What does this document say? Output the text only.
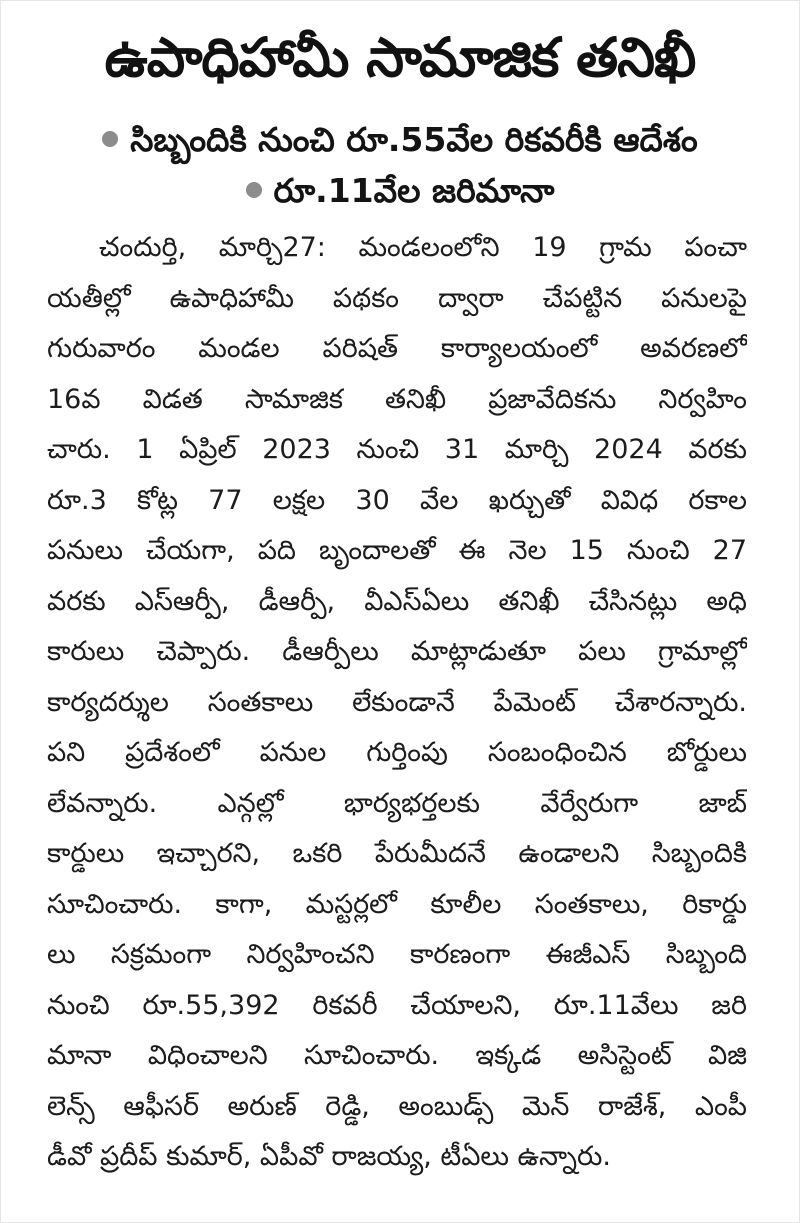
ఉపాధిహామీ సామాజిక తనిఖీ
సిబ్బందికి నుంచి రూ.55వేల రికవరీకి ఆదేశం
రూ.11వేల జరిమానా
చందుర్తి, మార్చి27: మండలంలోని 19 గ్రామ పంచా
యతీల్లో ఉపాధిహామీ పథకం ద్వారా చేపట్టిన పనులపై
గురువారం మండల పరిషత్ కార్యాలయంలో అవరణలో
16వ విడత సామాజిక తనిఖీ ప్రజావేదికను నిర్వహిం
చారు. 1 ఏప్రిల్ 2023 నుంచి 31 మార్చి 2024 వరకు
రూ.3 కోట్ల 77 లక్షల 30 వేల ఖర్చుతో వివిధ రకాల
పనులు చేయగా, పది బృందాలతో ఈ నెల 15 నుంచి 27
వరకు ఎస్ఆర్పీ, డీఆర్పీ, వీఎస్ఏలు తనిఖీ చేసినట్లు అధి
కారులు చెప్పారు. డీఆర్పీలు మాట్లాడుతూ పలు గ్రామాల్లో
కార్యదర్శుల సంతకాలు లేకుండానే పేమెంట్ చేశారన్నారు.
పని ప్రదేశంలో పనుల గుర్తింపు సంబంధించిన బోర్డులు
లేవన్నారు. ఎన్గల్లో భార్యభర్తలకు వేర్వేరుగా జాబ్
కార్డులు ఇచ్చారని, ఒకరి పేరుమీదనే ఉండాలని సిబ్బందికి
సూచించారు. కాగా, మస్టర్లలో కూలీల సంతకాలు, రికార్డు
లు సక్రమంగా నిర్వహించని కారణంగా ఈజీఎస్ సిబ్బంది
నుంచి రూ.55,392 రికవరీ చేయాలని, రూ.11వేలు జరి
మానా విధించాలని సూచించారు. ఇక్కడ అసిస్టెంట్ విజి
లెన్స్ ఆఫీసర్ అరుణ్ రెడ్డి, అంబుడ్స్ మెన్ రాజేశ్, ఎంపీ
డీవో ప్రదీప్ కుమార్, ఏపీవో రాజయ్య, టీఏలు ఉన్నారు.
